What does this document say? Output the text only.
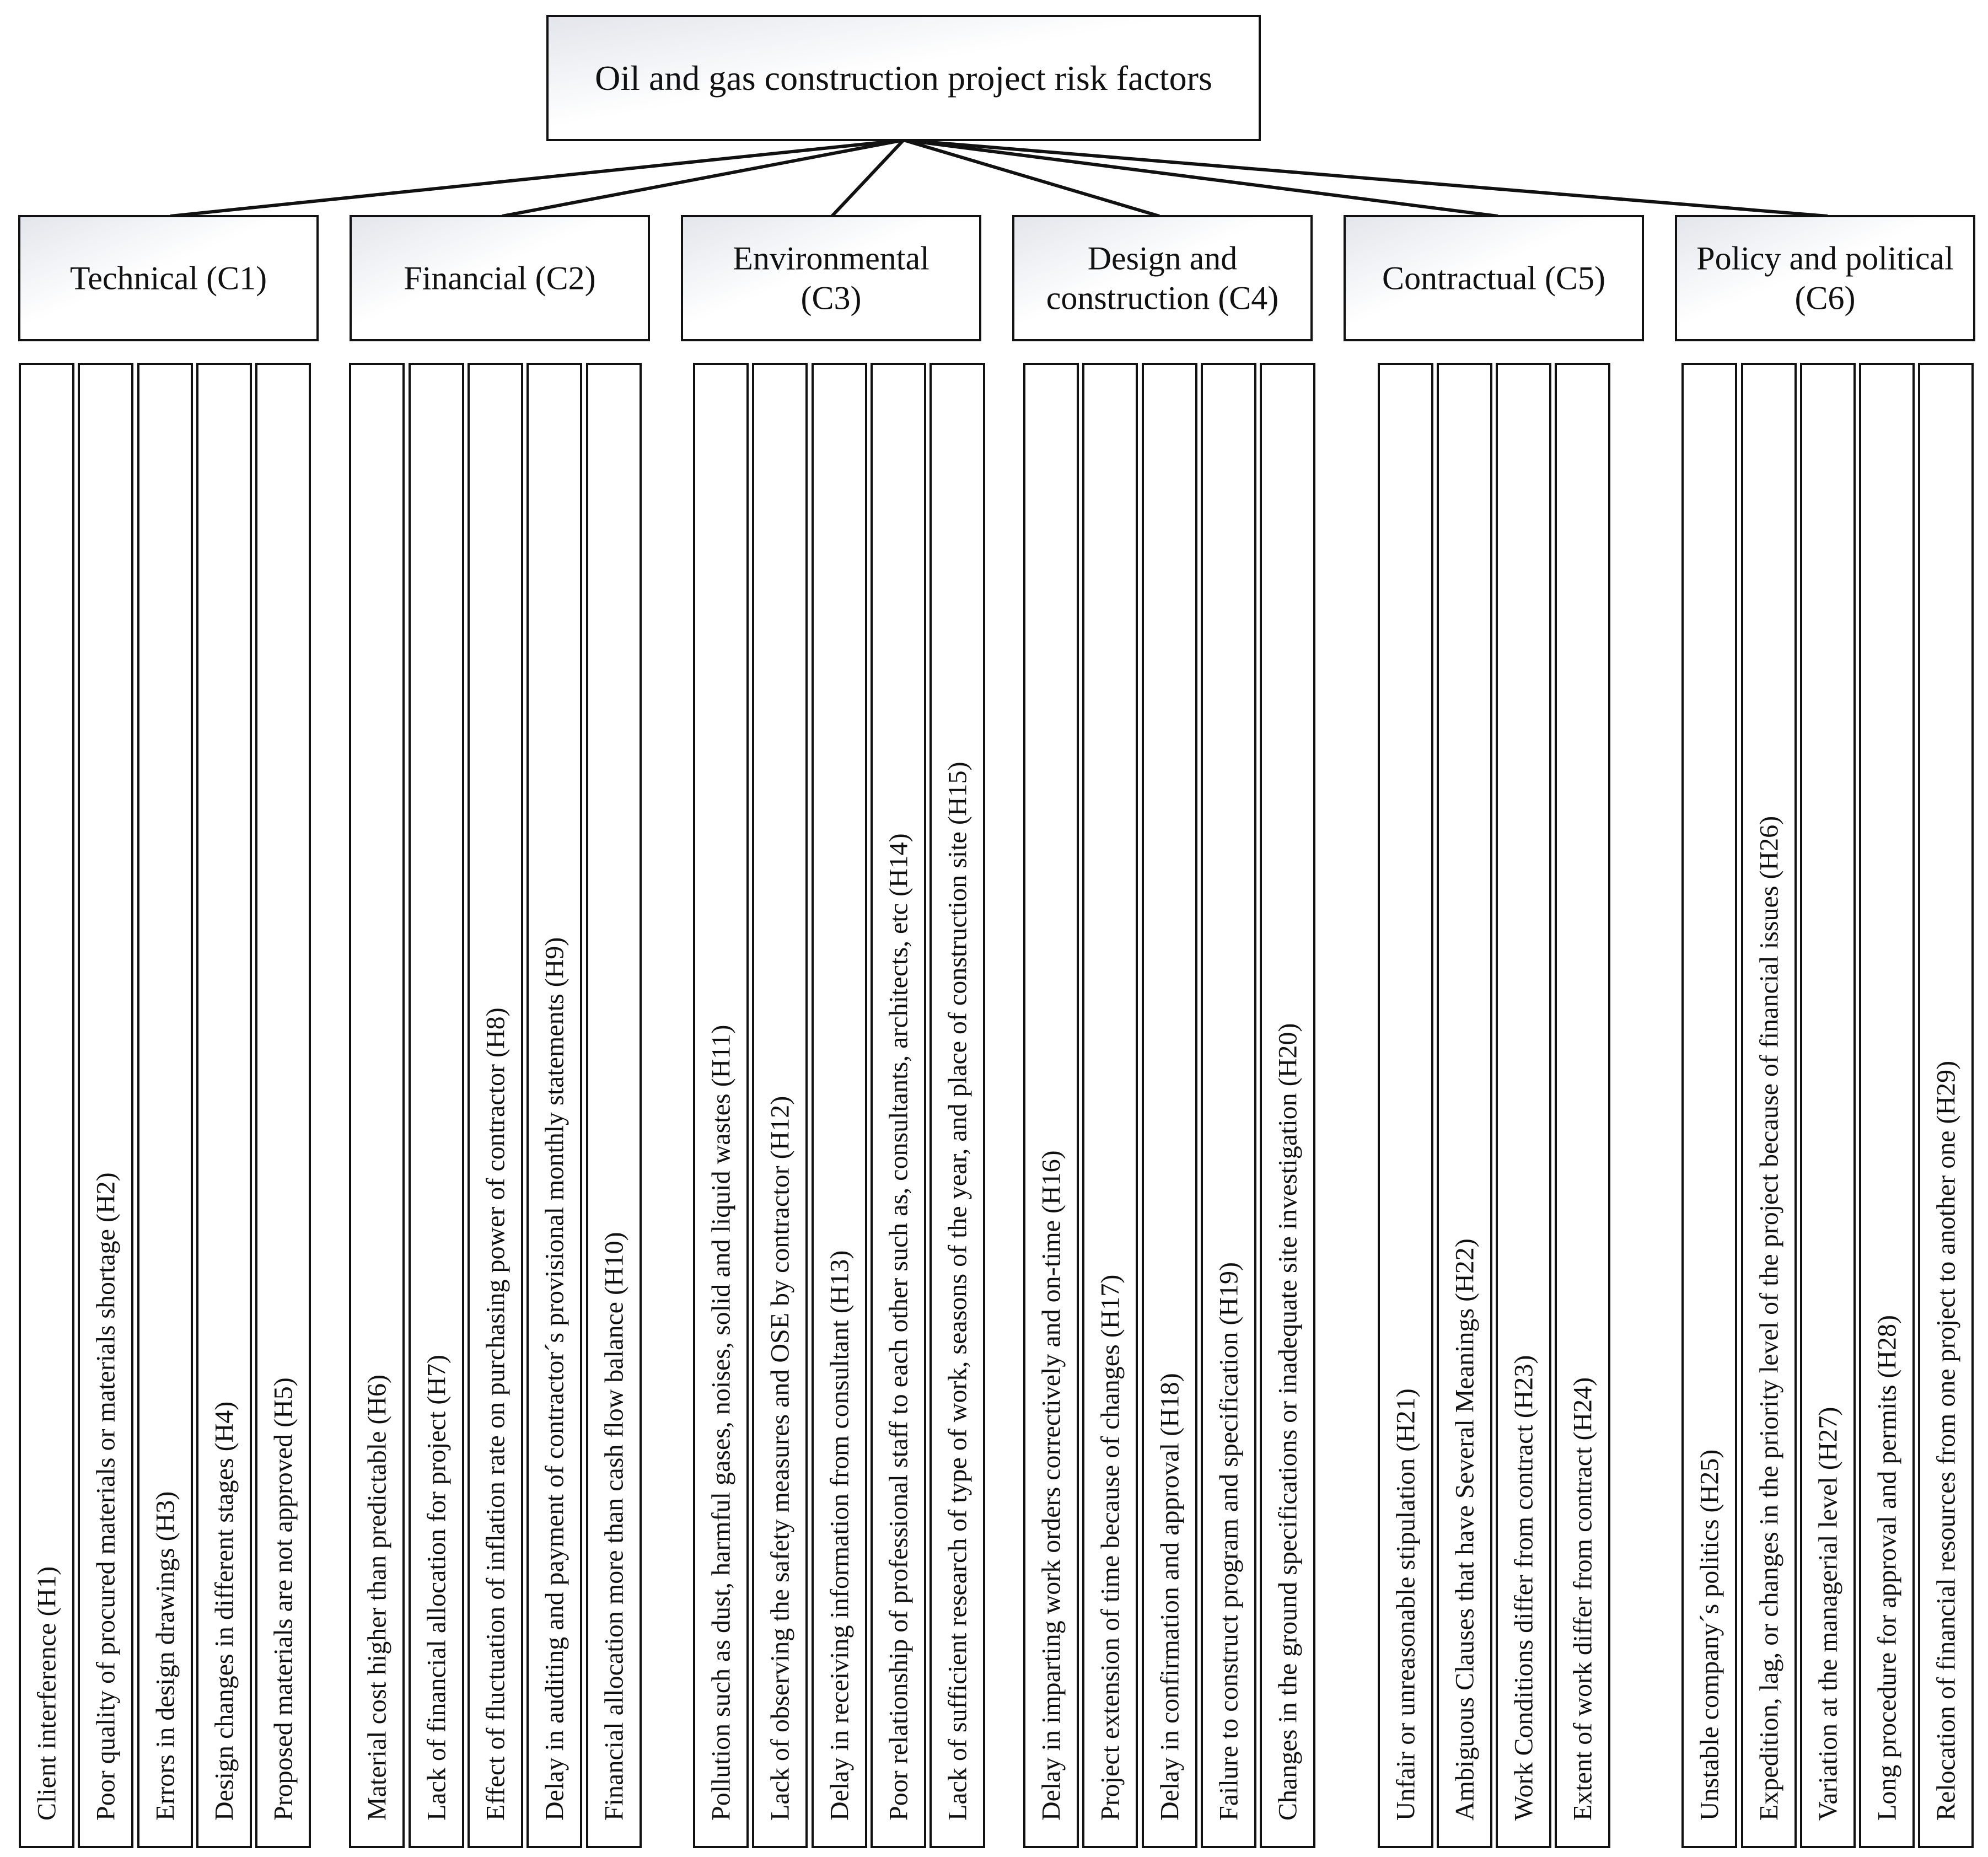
Oil and gas construction project risk factors
Technical (C1)	Financial (C2)
Environmental
(C3)
Design and
construction (C4)
Contractual (C5)
Policy and political
(C6)
Client interference (H1) Poor quality of procured materials or materials shortage (H2) Errors in design drawings (H3) Design changes in different stages (H4) Proposed materials are not approved (H5) Material cost higher than predictable (H6) Lack of financial allocation for project (H7) Effect of fluctuation of inflation rate on purchasing power of contractor (H8) Delay in auditing and payment of contractor´s provisional monthly statements (H9) Financial allocation more than cash flow balance (H10)	Pollution such as dust, harmful gases, noises, solid and liquid wastes (H11) Lack of observing the safety measures and OSE by contractor (H12) Delay in receiving information from consultant (H13) Poor relationship of professional staff to each other such as, consultants, architects, etc (H14) Lack of sufficient research of type of work, seasons of the year, and place of construction site (H15) Delay in imparting work orders correctively and on-time (H16) Project extension of time because of changes (H17) Delay in confirmation and approval (H18) Failure to construct program and specification (H19) Changes in the ground specifications or inadequate site investigation (H20)	Unfair or unreasonable stipulation (H21) Ambiguous Clauses that have Several Meanings (H22) Work Conditions differ from contract (H23) Extent of work differ from contract (H24)	Unstable company´s politics (H25) Expedition, lag, or changes in the priority level of the project because of financial issues (H26) Variation at the managerial level (H27) Long procedure for approval and permits (H28) Relocation of financial resources from one project to another one (H29)
